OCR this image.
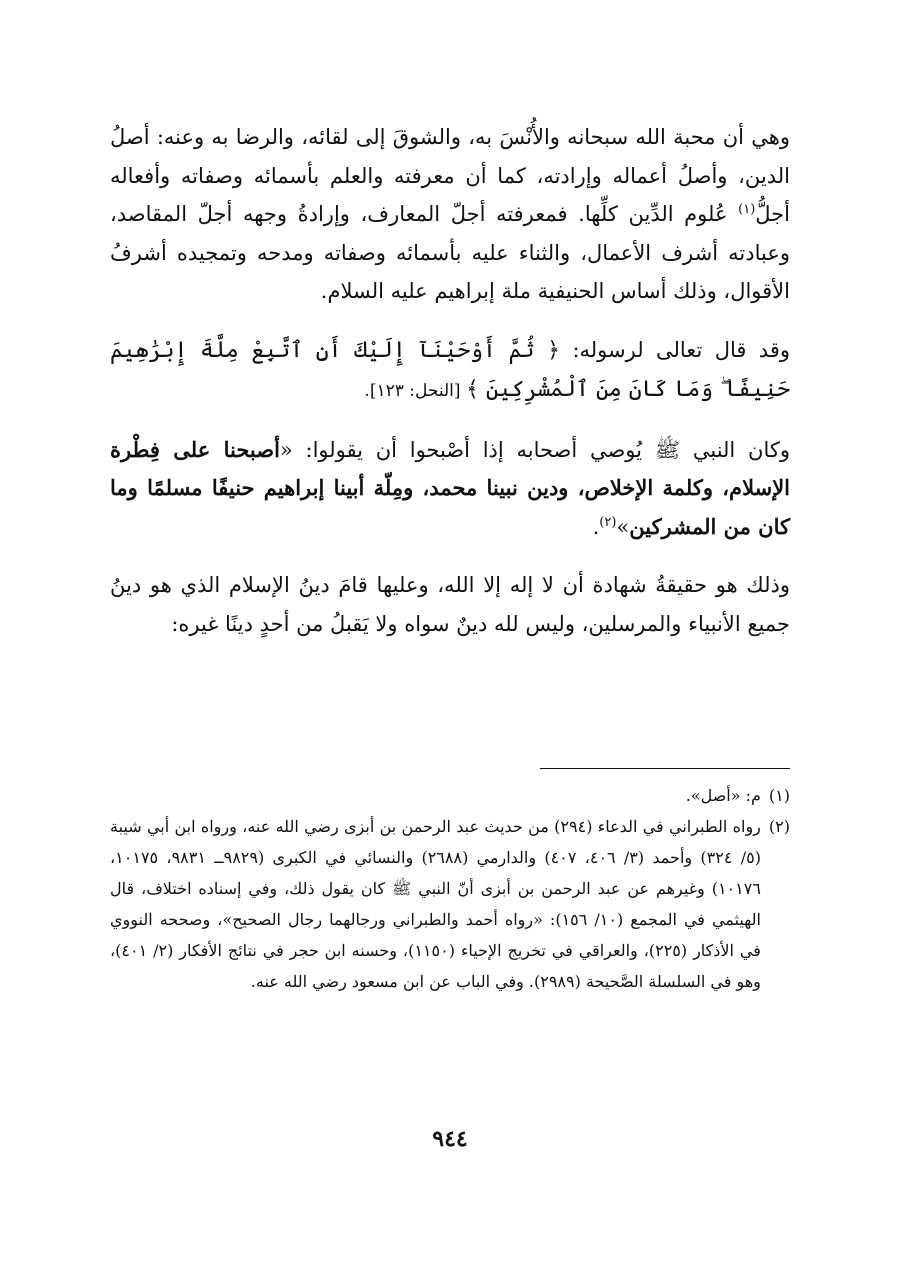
وهي أن محبة الله سبحانه والأُنْسَ به، والشوقَ إلى لقائه، والرضا به وعنه: أصلُ الدين، وأصلُ أعماله وإرادته، كما أن معرفته والعلم بأسمائه وصفاته وأفعاله أجلُّ$^{(١)}$ عُلوم الدِّين كلِّها. فمعرفته أجلّ المعارف، وإرادةُ وجهه أجلّ المقاصد، وعبادته أشرف الأعمال، والثناء عليه بأسمائه وصفاته ومدحه وتمجيده أشرفُ الأقوال، وذلك أساس الحنيفية ملة إبراهيم عليه السلام.

وقد قال تعالى لرسوله: ﴿ ثُمَّ أَوْحَيْنَآ إِلَيْكَ أَنِ ٱتَّبِعْ مِلَّةَ إِبْرَٰهِيمَ حَنِيفًا ۖ وَمَا كَانَ مِنَ ٱلْمُشْرِكِينَ ﴾ [النحل: ١٢٣].

وكان النبي ﷺ يُوصي أصحابه إذا أصْبحوا أن يقولوا: «أصبحنا على فِطْرة الإسلام، وكلمة الإخلاص، ودين نبينا محمد، ومِلّة أبينا إبراهيم حنيفًا مسلمًا وما كان من المشركين»$^{(٢)}$.

وذلك هو حقيقةُ شهادة أن لا إله إلا الله، وعليها قامَ دينُ الإسلام الذي هو دينُ جميع الأنبياء والمرسلين، وليس لله دينٌ سواه ولا يَقبلُ من أحدٍ دينًا غيره:

(١)
م: «أصل».
(٢)
رواه الطبراني في الدعاء (٢٩٤) من حديث عبد الرحمن بن أبزى رضي الله عنه، ورواه ابن أبي شيبة (٥/ ٣٢٤) وأحمد (٣/ ٤٠٦، ٤٠٧) والدارمي (٢٦٨٨) والنسائي في الكبرى (٩٨٢٩ــ ٩٨٣١، ١٠١٧٥، ١٠١٧٦) وغيرهم عن عبد الرحمن بن أبزى أنّ النبي ﷺ كان يقول ذلك، وفي إسناده اختلاف، قال الهيثمي في المجمع (١٠/ ١٥٦): «رواه أحمد والطبراني ورجالهما رجال الصحيح»، وصححه النووي في الأذكار (٢٢٥)، والعراقي في تخريج الإحياء (١١٥٠)، وحسنه ابن حجر في نتائج الأفكار (٢/ ٤٠١)، وهو في السلسلة الصَّحيحة (٢٩٨٩). وفي الباب عن ابن مسعود رضي الله عنه.
٩٤٤
